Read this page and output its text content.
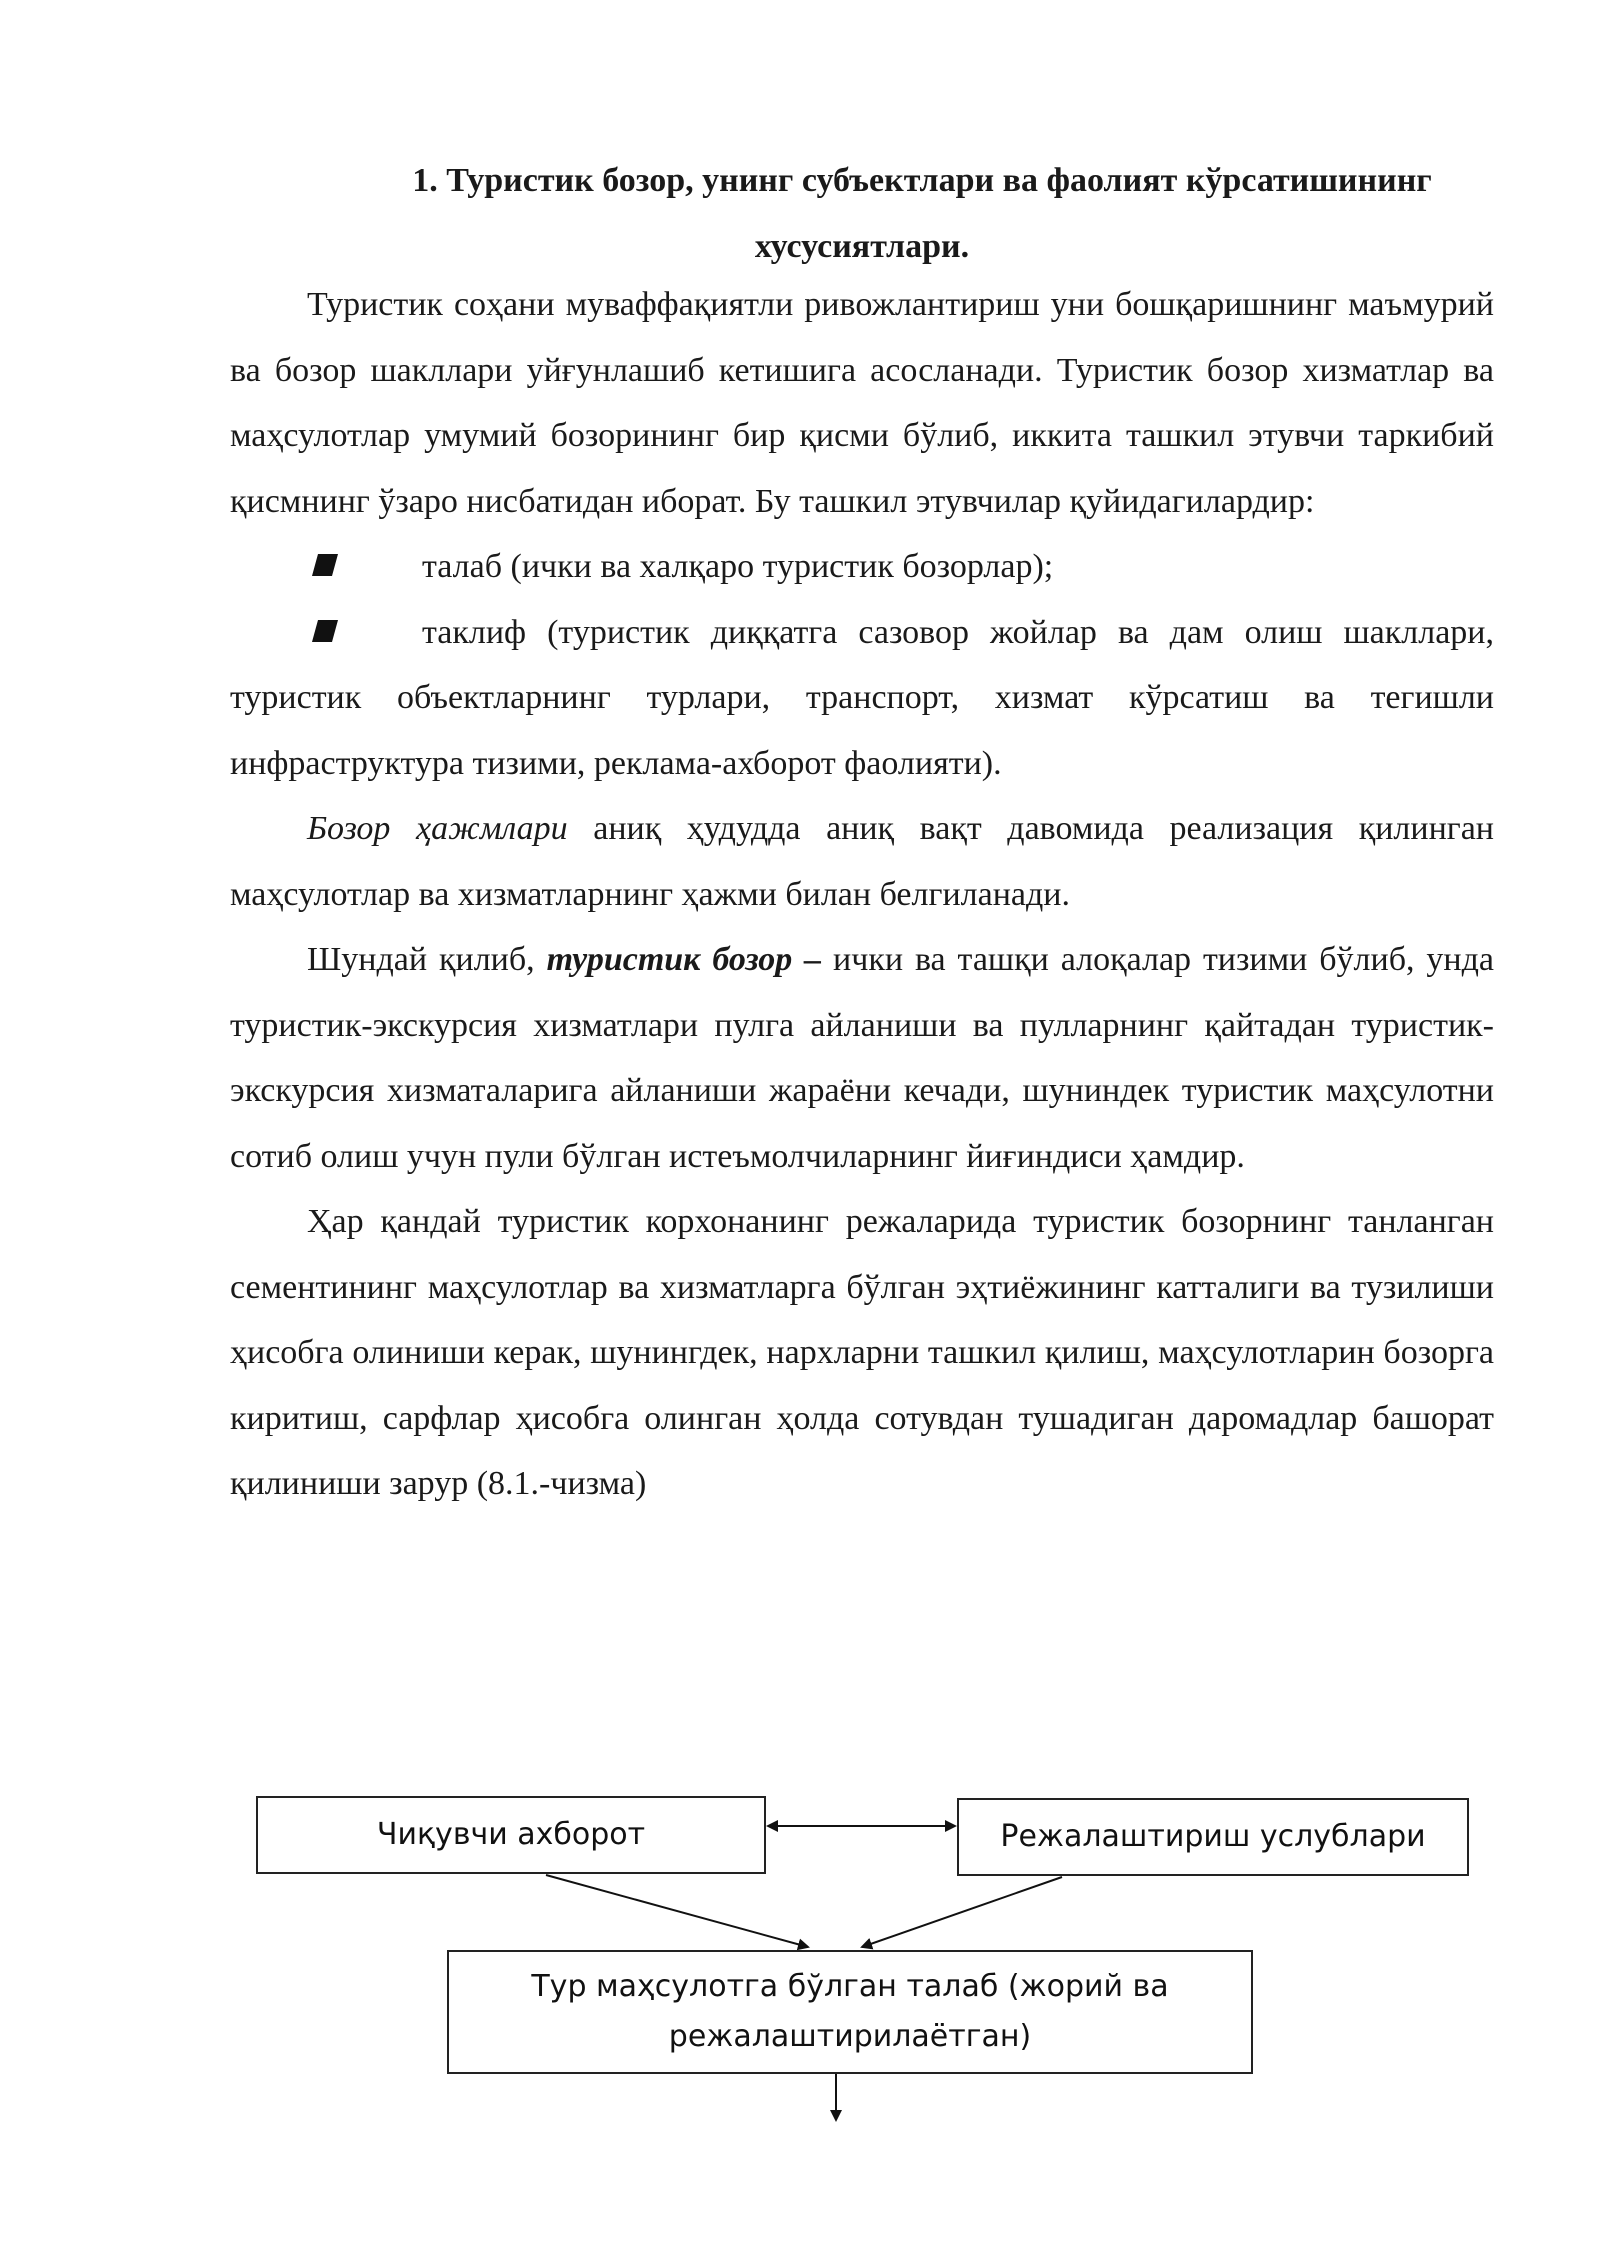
1. Туристик бозор, унинг субъектлари ва фаолият кўрсатишининг
хусусиятлари.

Туристик соҳани муваффақиятли ривожлантириш уни бошқаришнинг маъмурий ва бозор шакллари уйғунлашиб кетишига асосланади. Туристик бозор хизматлар ва маҳсулотлар умумий бозорининг бир қисми бўлиб, иккита ташкил этувчи таркибий қисмнинг ўзаро нисбатидан иборат. Бу ташкил этувчилар қуйидагилардир:

талаб (ички ва халқаро туристик бозорлар);

таклиф (туристик диққатга сазовор жойлар ва дам олиш шакллари, туристик объектларнинг турлари, транспорт, хизмат кўрсатиш ва тегишли инфраструктура тизими, реклама-ахборот фаолияти).

Бозор ҳажмлари аниқ ҳудудда аниқ вақт давомида реализация қилинган маҳсулотлар ва хизматларнинг ҳажми билан белгиланади.

Шундай қилиб, туристик бозор – ички ва ташқи алоқалар тизими бўлиб, унда туристик-экскурсия хизматлари пулга айланиши ва пулларнинг қайтадан туристик-экскурсия хизматаларига айланиши жараёни кечади, шуниндек туристик маҳсулотни сотиб олиш учун пули бўлган истеъмолчиларнинг йиғиндиси ҳамдир.

Ҳар қандай туристик корхонанинг режаларида туристик бозорнинг танланган сементининг маҳсулотлар ва хизматларга бўлган эҳтиёжининг катталиги ва тузилиши ҳисобга олиниши керак, шунингдек, нархларни ташкил қилиш, маҳсулотларин бозорга киритиш, сарфлар ҳисобга олинган ҳолда сотувдан тушадиган даромадлар башорат қилиниши зарур (8.1.-чизма)

Чиқувчи ахборот	Режалаштириш услублари
Тур маҳсулотга бўлган талаб (жорий ва
режалаштирилаётган)
